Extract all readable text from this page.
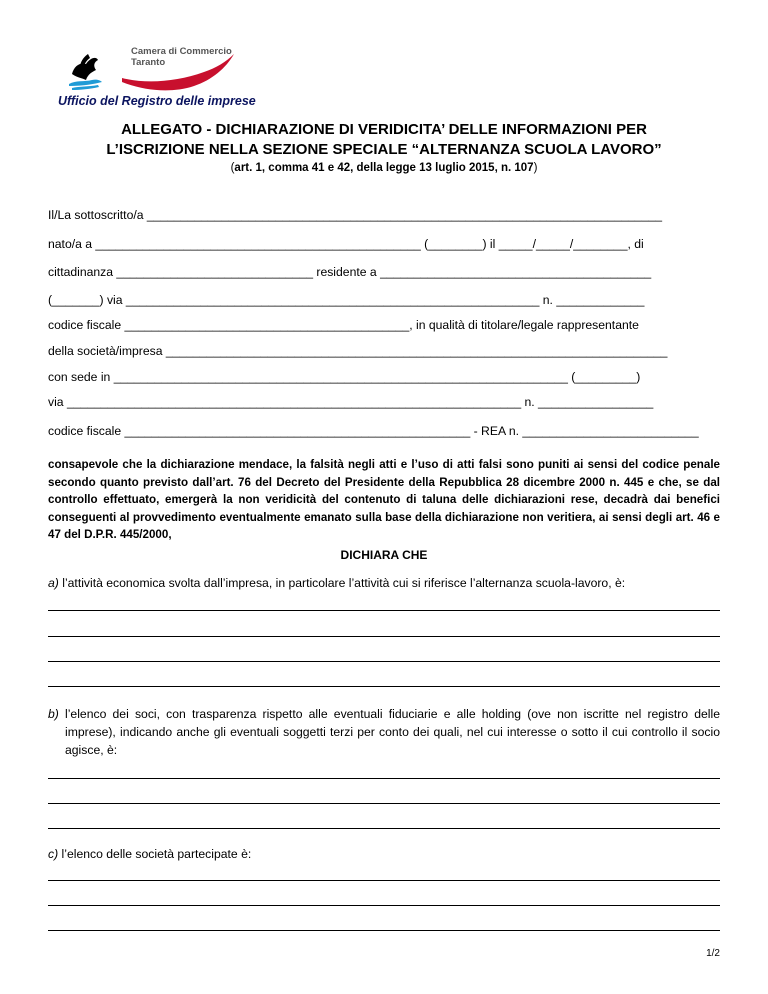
Camera di Commercio
Taranto
Ufficio del Registro delle imprese
ALLEGATO - DICHIARAZIONE DI VERIDICITA’ DELLE INFORMAZIONI PER
L’ISCRIZIONE NELLA SEZIONE SPECIALE “ALTERNANZA SCUOLA LAVORO”
(art. 1, comma 41 e 42, della legge 13 luglio 2015, n. 107)
Il/La sottoscritto/a ____________________________________________________________________________
nato/a a ________________________________________________ (________) il _____/_____/________, di
cittadinanza _____________________________ residente a ________________________________________
(_______) via _____________________________________________________________ n. _____________
codice fiscale __________________________________________, in qualità di titolare/legale rappresentante
della società/impresa __________________________________________________________________________
con sede in ___________________________________________________________________ (_________)
via ___________________________________________________________________ n. _________________
consapevole che la dichiarazione mendace, la falsità negli atti e l’uso di atti falsi sono puniti ai sensi del codice penale secondo quanto previsto dall’art. 76 del Decreto del Presidente della Repubblica 28 dicembre 2000 n. 445 e che, se dal controllo effettuato, emergerà la non veridicità del contenuto di taluna delle dichiarazioni rese, decadrà dai benefici conseguenti al provvedimento eventualmente emanato sulla base della dichiarazione non veritiera, ai sensi degli art. 46 e 47 del D.P.R. 445/2000,
codice fiscale ___________________________________________________ - REA n. __________________________
DICHIARA CHE
a) l’attività economica svolta dall’impresa, in particolare l’attività cui si riferisce l’alternanza scuola-lavoro, è:
b) l’elenco dei soci, con trasparenza rispetto alle eventuali fiduciarie e alle holding (ove non iscritte nel registro delle imprese), indicando anche gli eventuali soggetti terzi per conto dei quali, nel cui interesse o sotto il cui controllo il socio agisce, è:
c) l’elenco delle società partecipate è:
1/2
